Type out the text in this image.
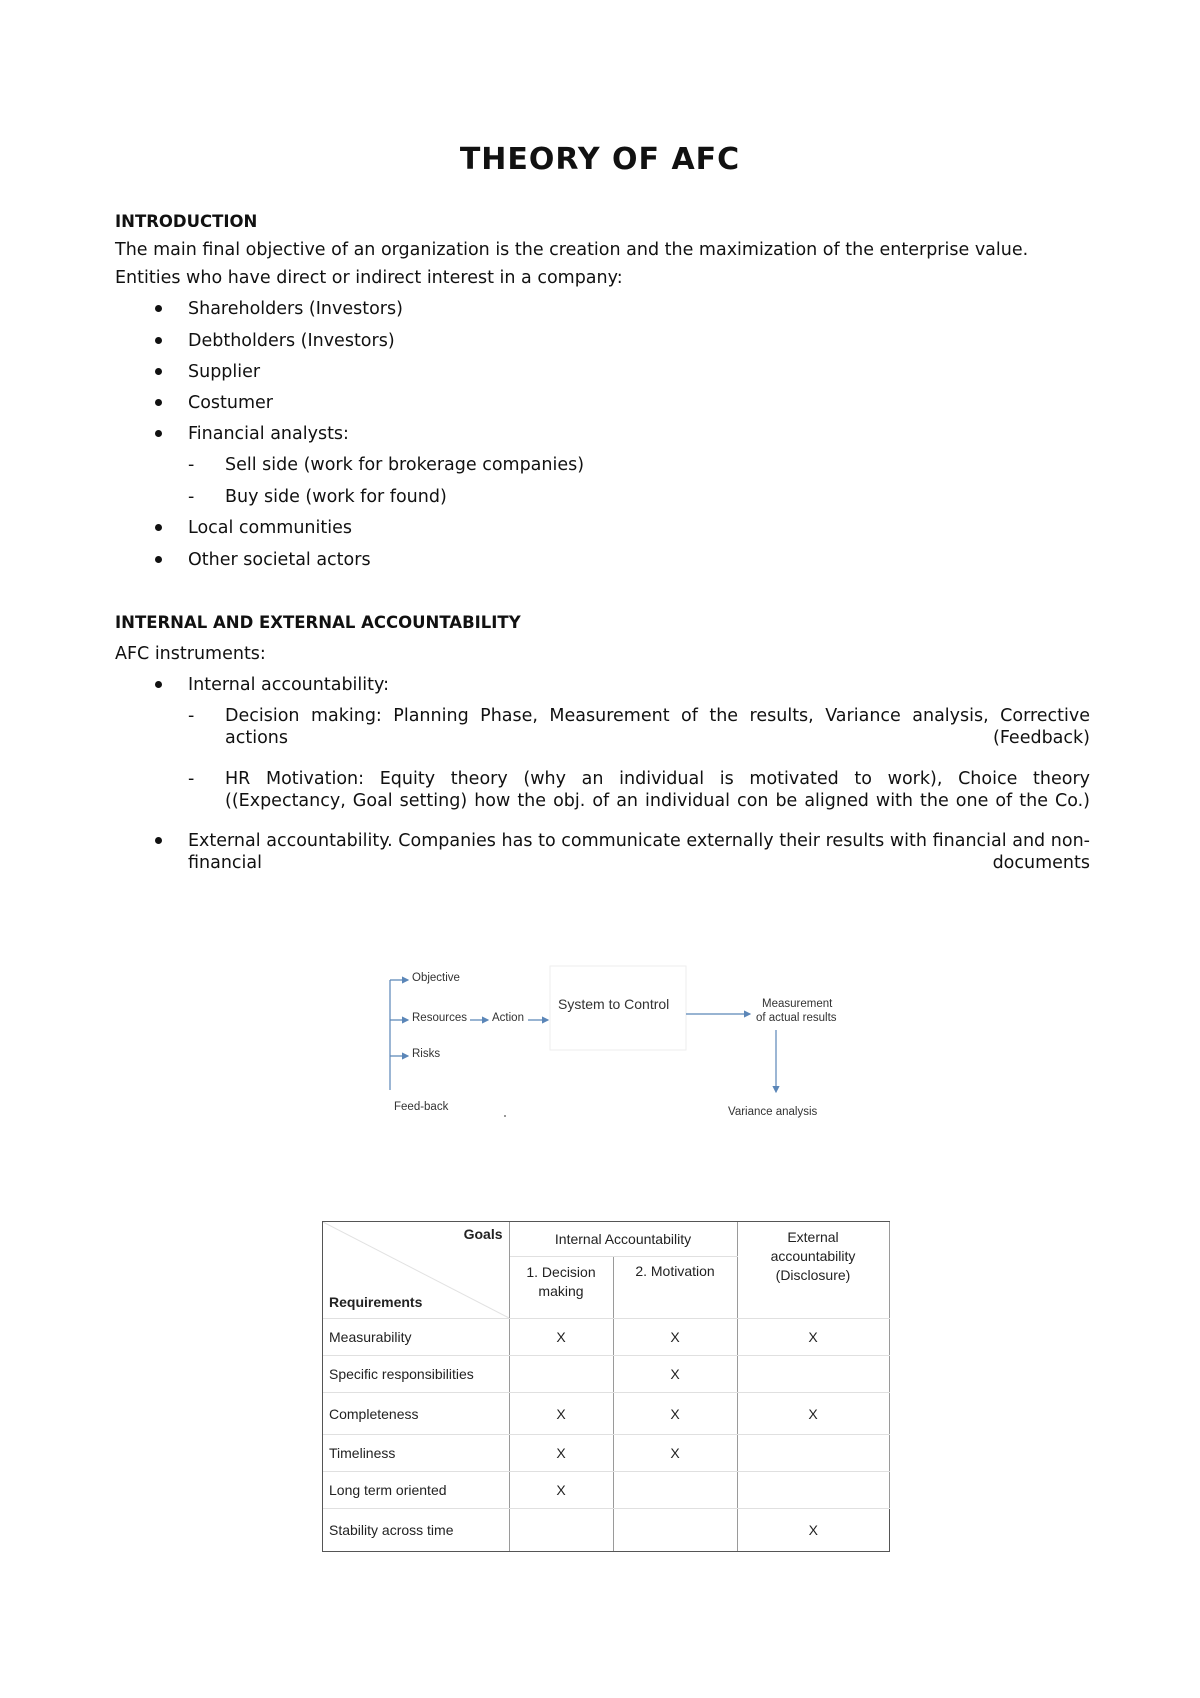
THEORY OF AFC
INTRODUCTION
The main final objective of an organization is the creation and the maximization of the enterprise value.
Entities who have direct or indirect interest in a company:
Shareholders (Investors)
Debtholders (Investors)
Supplier
Costumer
Financial analysts:
- Sell side (work for brokerage companies)
- Buy side (work for found)
Local communities
Other societal actors
INTERNAL AND EXTERNAL ACCOUNTABILITY
AFC instruments:
Internal accountability:
- Decision making: Planning Phase, Measurement of the results, Variance analysis, Corrective actions (Feedback)
- HR Motivation: Equity theory (why an individual is motivated to work), Choice theory ((Expectancy, Goal setting) how the obj. of an individual con be aligned with the one of the Co.)
External accountability. Companies has to communicate externally their results with financial and non-financial documents
Objective
Resources Action
Risks
Feed-back
System to Control	Measurement
of actual results
Variance analysis
Goals
Requirements	Internal Accountability		External accountability (Disclosure)
	1. Decision making	2. Motivation	
Measurability	X	X	X
Specific responsibilities		X	
Completeness	X	X	X
Timeliness	X	X	
Long term oriented	X		
Stability across time			X
